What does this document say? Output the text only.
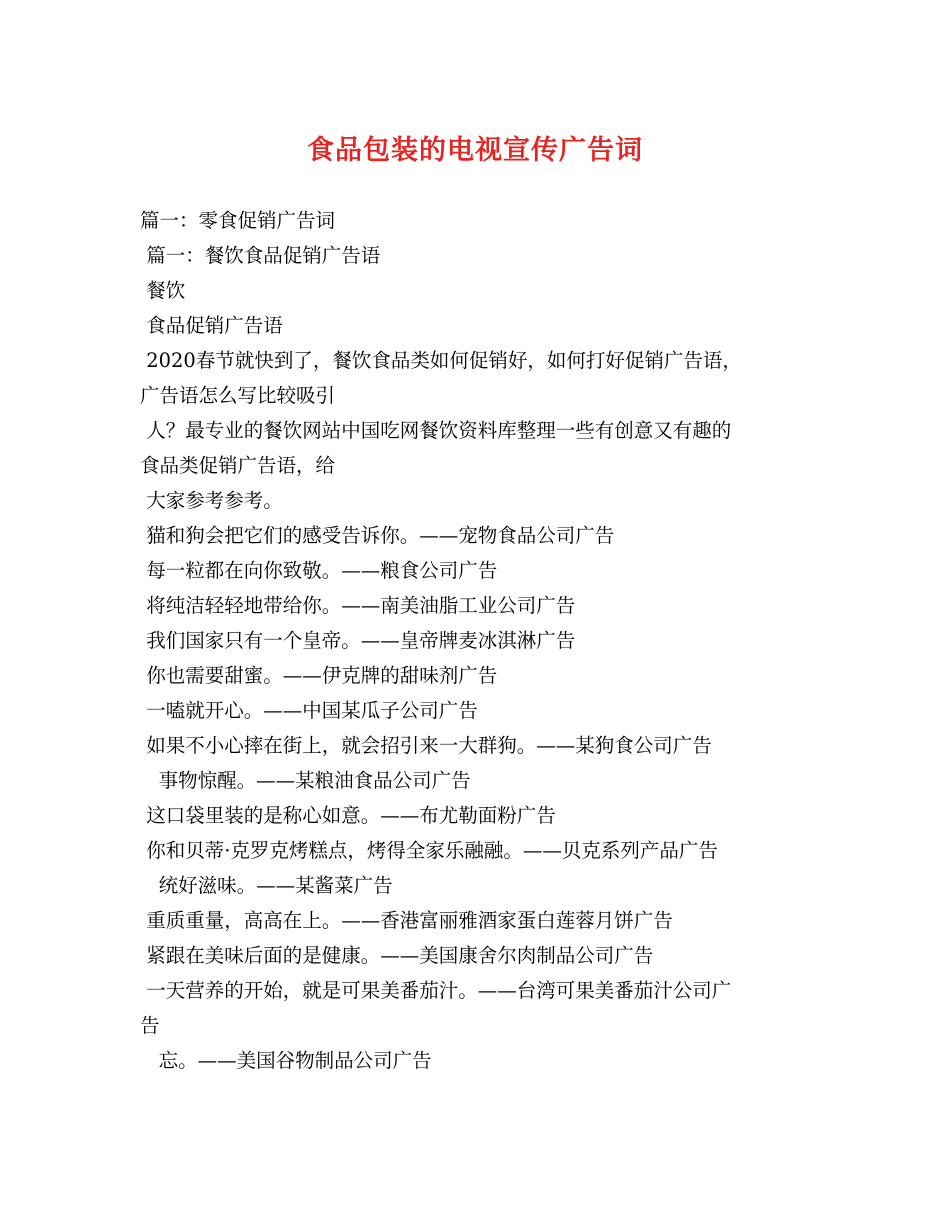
食品包装的电视宣传广告词
篇一：零食促销广告词
篇一：餐饮食品促销广告语
餐饮
食品促销广告语
2020春节就快到了，餐饮食品类如何促销好，如何打好促销广告语，
广告语怎么写比较吸引
人？最专业的餐饮网站中国吃网餐饮资料库整理一些有创意又有趣的
食品类促销广告语，给
大家参考参考。
猫和狗会把它们的感受告诉你。——宠物食品公司广告
每一粒都在向你致敬。——粮食公司广告
将纯洁轻轻地带给你。——南美油脂工业公司广告
我们国家只有一个皇帝。——皇帝牌麦冰淇淋广告
你也需要甜蜜。——伊克牌的甜味剂广告
一嗑就开心。——中国某瓜子公司广告
如果不小心摔在街上，就会招引来一大群狗。——某狗食公司广告
事物惊醒。——某粮油食品公司广告
这口袋里装的是称心如意。——布尤勒面粉广告
你和贝蒂·克罗克烤糕点，烤得全家乐融融。——贝克系列产品广告
统好滋味。——某酱菜广告
重质重量，高高在上。——香港富丽雅酒家蛋白莲蓉月饼广告
紧跟在美味后面的是健康。——美国康舍尔肉制品公司广告
一天营养的开始，就是可果美番茄汁。——台湾可果美番茄汁公司广
告
忘。——美国谷物制品公司广告
